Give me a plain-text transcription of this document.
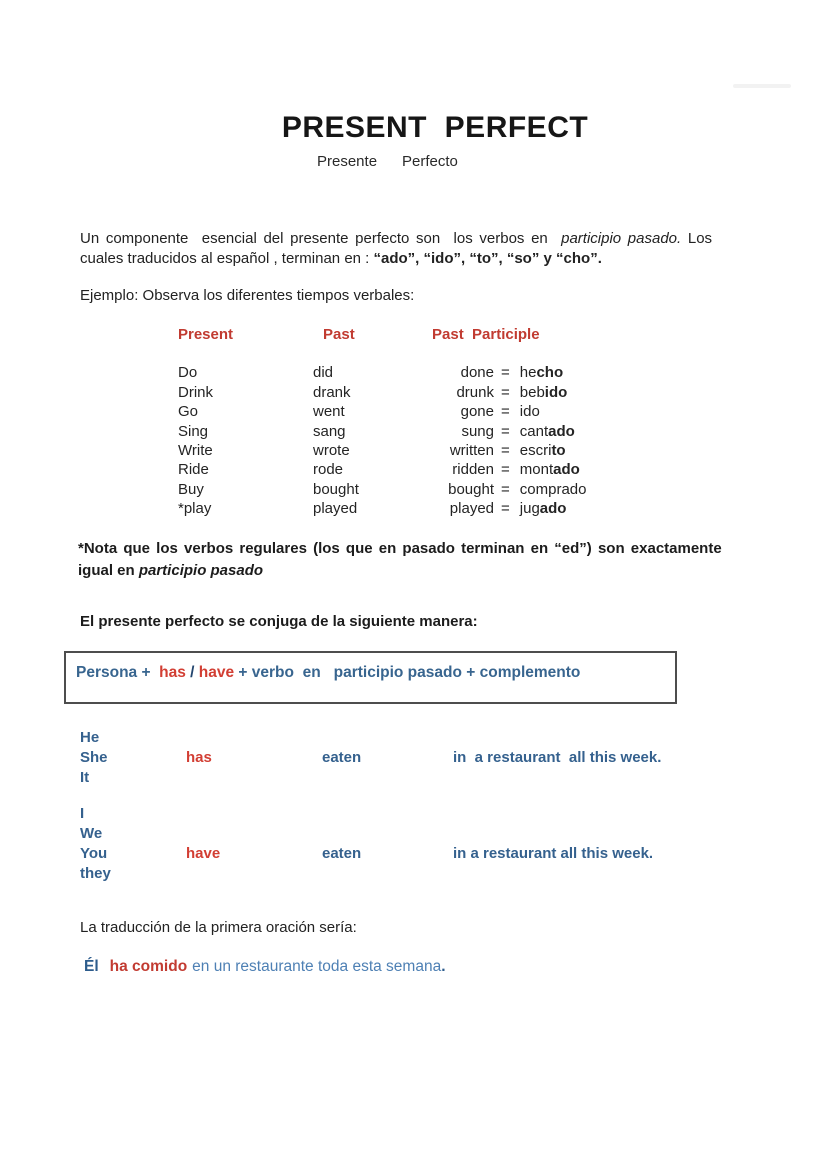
PRESENT  PERFECT
Presente      Perfecto
Un componente  esencial del presente perfecto son  los verbos en  participio pasado. Los
cuales traducidos al español , terminan en : “ado”, “ido”, “to”, “so” y “cho”.
Ejemplo: Observa los diferentes tiempos verbales:
Present	Past	Past  Participle
Do	did	done = hecho
Drink	drank	drunk = bebido
Go	went	gone = ido
Sing	sang	sung = cantado
Write	wrote	written = escrito
Ride	rode	ridden = montado
Buy	bought	bought = comprado
*play	played	played = jugado
*Nota que los verbos regulares (los que en pasado terminan en “ed”) son exactamente
igual en participio pasado
El presente perfecto se conjuga de la siguiente manera:
Persona +  has / have + verbo  en   participio pasado + complemento
He
She	has	eaten	in  a restaurant  all this week.
It
I
We
You	have	eaten	in a restaurant all this week.
they
La traducción de la primera oración sería:
Él ha comido en un restaurante toda esta semana.
